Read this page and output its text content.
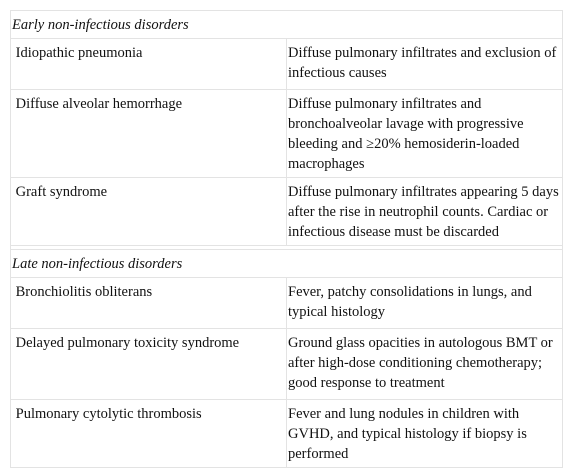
Early non-infectious disorders	
Idiopathic pneumonia	Diffuse pulmonary infiltrates and exclusion of infectious causes
Diffuse alveolar hemorrhage	Diffuse pulmonary infiltrates and bronchoalveolar lavage with progressive bleeding and ≥20% hemosiderin-loaded macrophages
Graft syndrome	Diffuse pulmonary infiltrates appearing 5 days after the rise in neutrophil counts. Cardiac or infectious disease must be discarded

Late non-infectious disorders	
Bronchiolitis obliterans	Fever, patchy consolidations in lungs, and typical histology
Delayed pulmonary toxicity syndrome	Ground glass opacities in autologous BMT or after high-dose conditioning chemotherapy; good response to treatment
Pulmonary cytolytic thrombosis	Fever and lung nodules in children with GVHD, and typical histology if biopsy is performed
